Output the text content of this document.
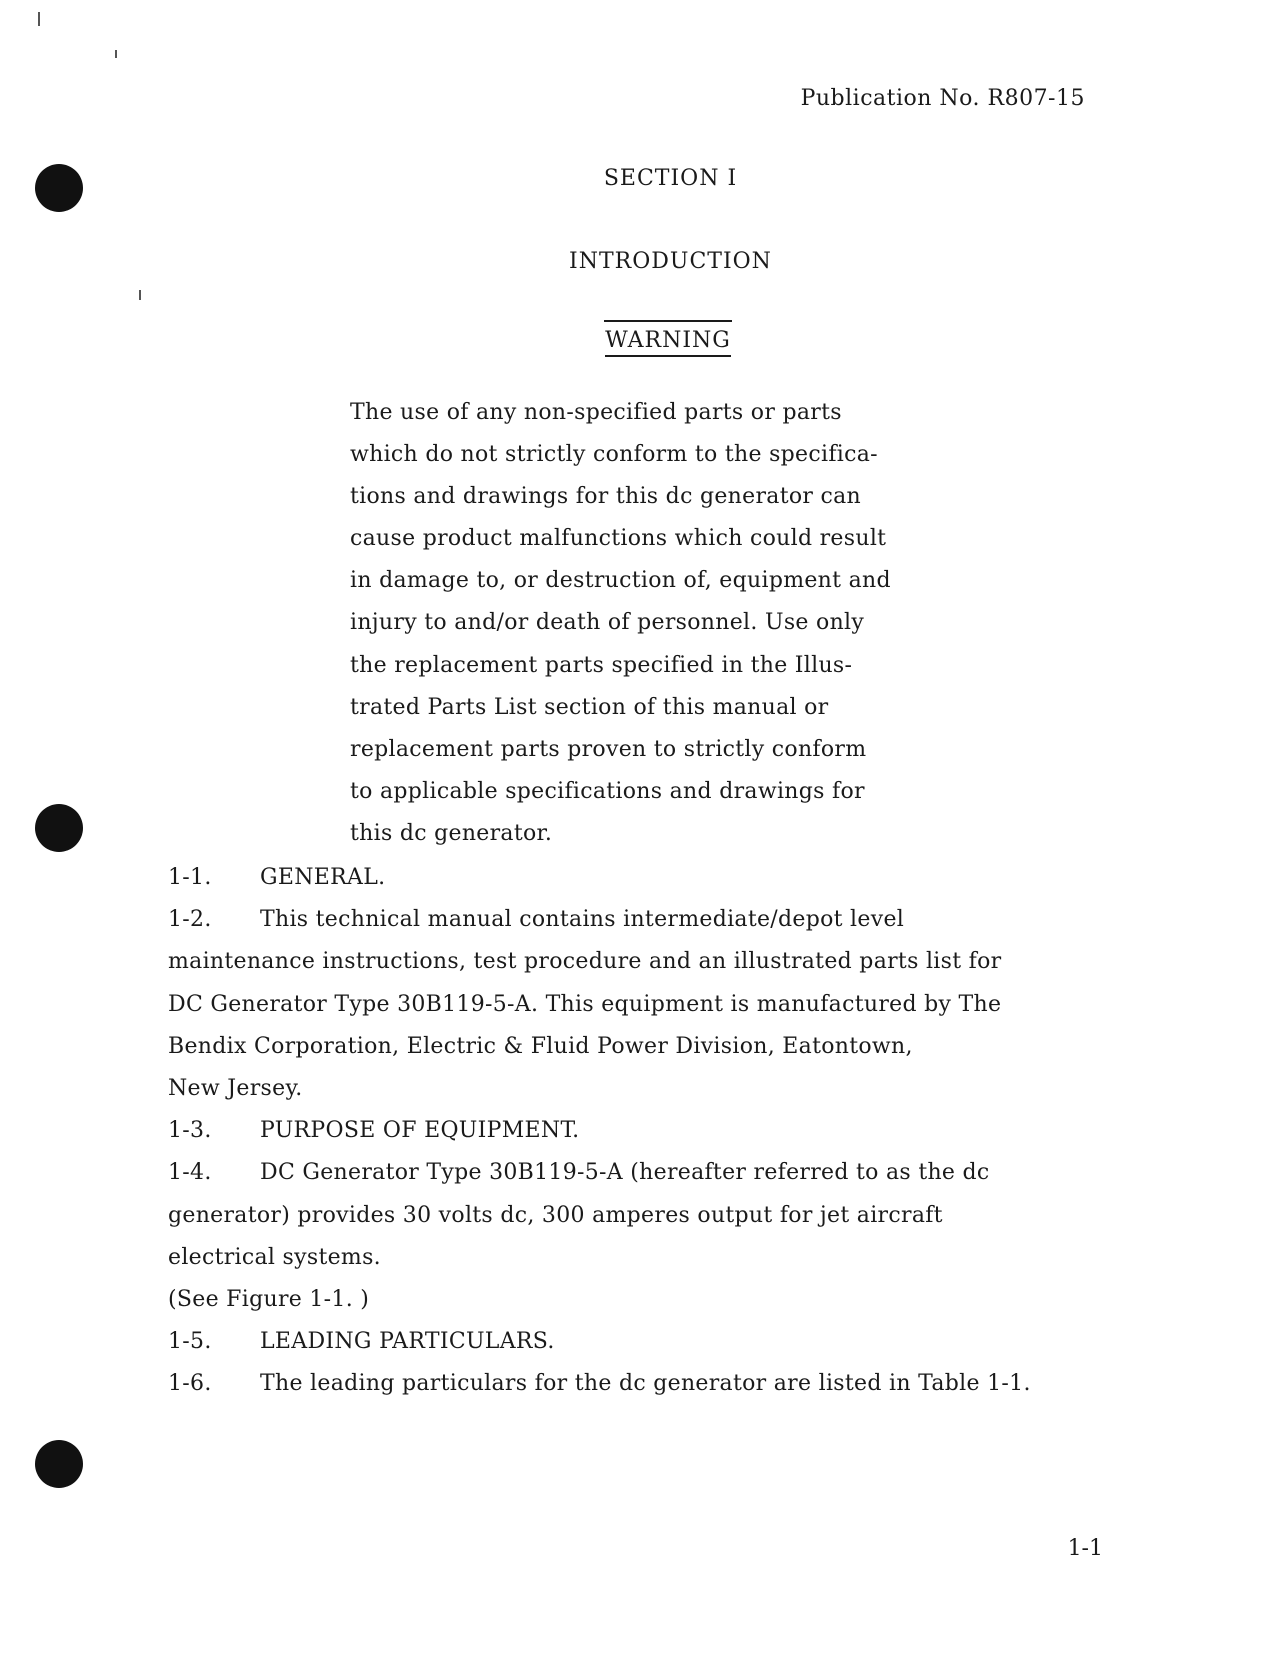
Publication No. R807-15
SECTION I
INTRODUCTION
WARNING
The use of any non-specified parts or parts
which do not strictly conform to the specifica-
tions and drawings for this dc generator can
cause product malfunctions which could result
in damage to, or destruction of, equipment and
injury to and/or death of personnel. Use only
the replacement parts specified in the Illus-
trated Parts List section of this manual or
replacement parts proven to strictly conform
to applicable specifications and drawings for
this dc generator.
1-1. GENERAL.
1-2. This technical manual contains intermediate/depot level
maintenance instructions, test procedure and an illustrated parts list for
DC Generator Type 30B119-5-A. This equipment is manufactured by The
Bendix Corporation, Electric & Fluid Power Division, Eatontown,
New Jersey.
1-3. PURPOSE OF EQUIPMENT.
1-4. DC Generator Type 30B119-5-A (hereafter referred to as the dc
generator) provides 30 volts dc, 300 amperes output for jet aircraft
electrical systems.
(See Figure 1-1. )
1-5. LEADING PARTICULARS.
1-6. The leading particulars for the dc generator are listed in Table 1-1.
1-1
